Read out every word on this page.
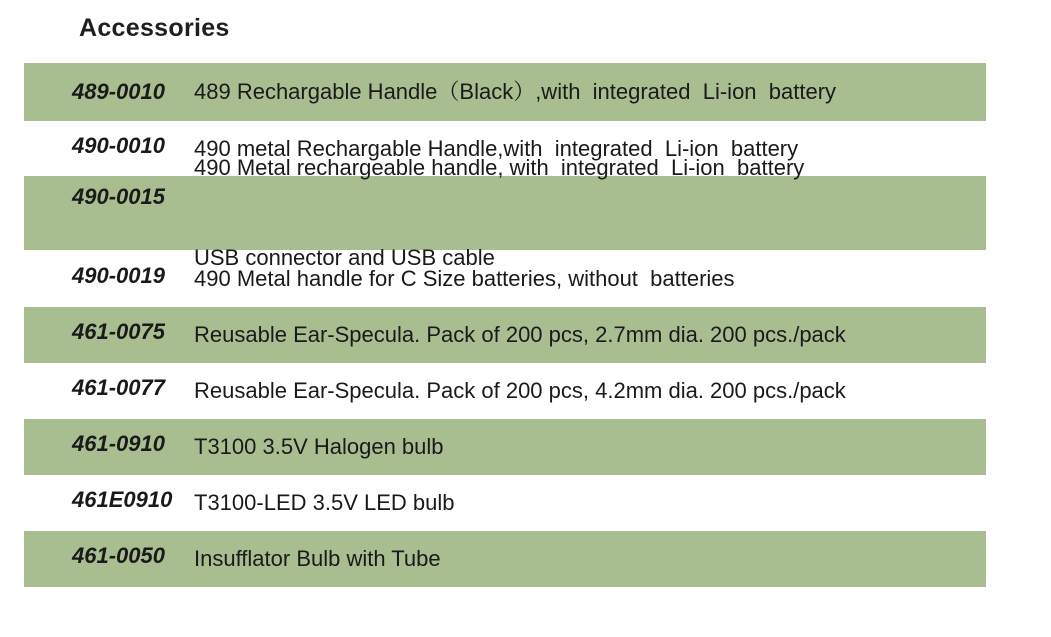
Accessories
489-0010

	489 Rechargable Handle（Black）,with  integrated  Li-ion  battery

490-0010

	490 metal Rechargable Handle,with  integrated  Li-ion  battery

490-0015

490 Metal rechargeable handle, with  integrated  Li-ion  battery

USB connector and USB cable

490-0019

	490 Metal handle for C Size batteries, without  batteries

461-0075

	Reusable Ear-Specula. Pack of 200 pcs, 2.7mm dia. 200 pcs./pack

461-0077

	Reusable Ear-Specula. Pack of 200 pcs, 4.2mm dia. 200 pcs./pack

461-0910

	T3100 3.5V Halogen bulb

461E0910

T3100-LED 3.5V LED bulb

461-0050

	Insufflator Bulb with Tube
